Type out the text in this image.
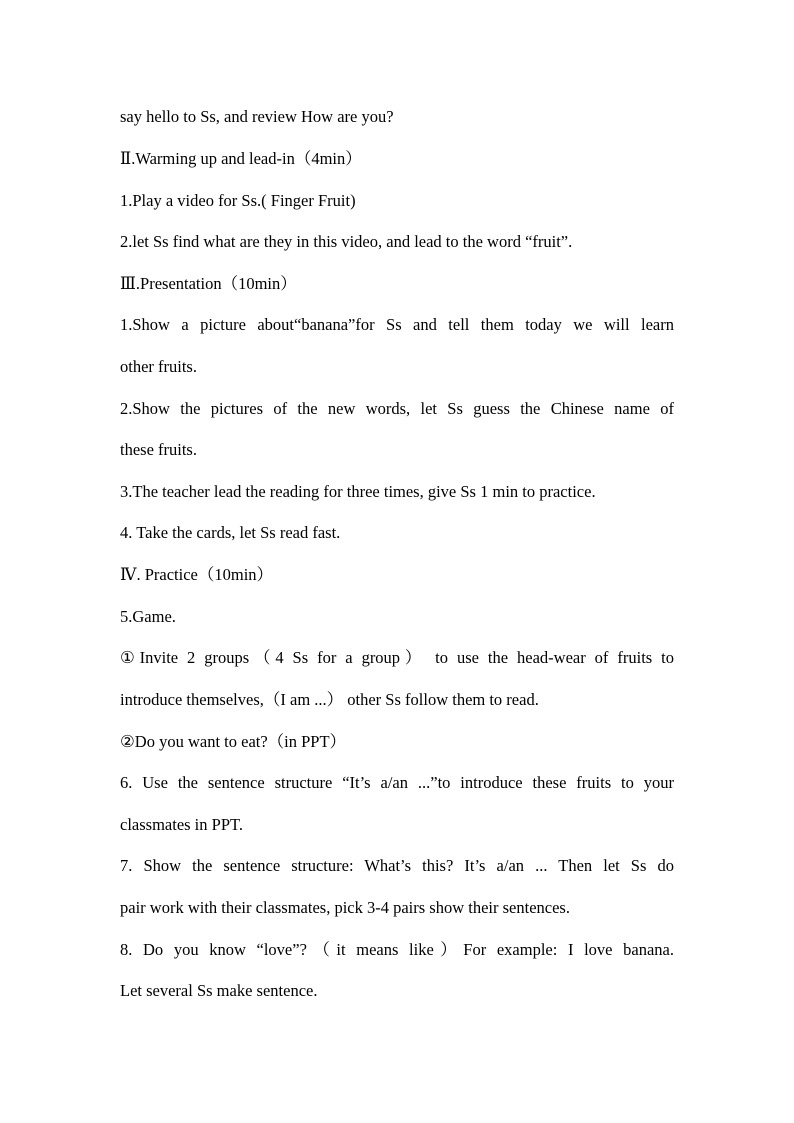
say hello to Ss, and review How are you?
Ⅱ.Warming up and lead-in（4min）
1.Play a video for Ss.( Finger Fruit)
2.let Ss find what are they in this video, and lead to the word “fruit”.
Ⅲ.Presentation（10min）
1.Show a picture about“banana”for Ss and tell them today we will learn
other fruits.
2.Show the pictures of the new words, let Ss guess the Chinese name of
these fruits.
3.The teacher lead the reading for three times, give Ss 1 min to practice.
4. Take the cards, let Ss read fast.
Ⅳ. Practice（10min）
5.Game.
①Invite 2 groups（4 Ss for a group） to use the head-wear of fruits to
introduce themselves,（I am ...） other Ss follow them to read.
②Do you want to eat?（in PPT）
6. Use the sentence structure “It’s a/an ...”to introduce these fruits to your
classmates in PPT.
7. Show the sentence structure: What’s this? It’s a/an ... Then let Ss do
pair work with their classmates, pick 3-4 pairs show their sentences.
8. Do you know “love”?（it means like）For example: I love banana.
Let several Ss make sentence.
